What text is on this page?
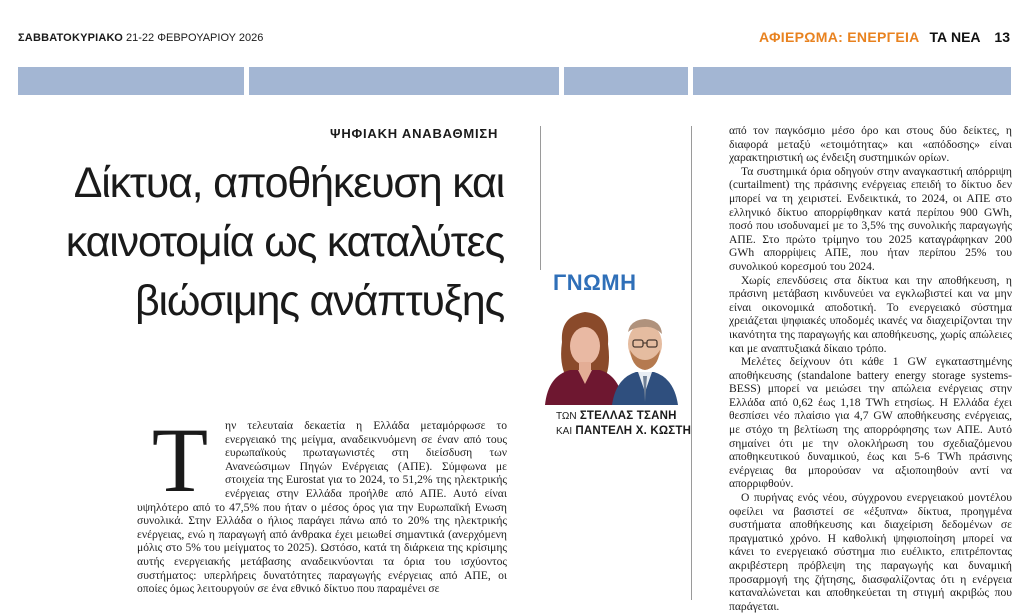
ΣΑΒΒΑΤΟΚΥΡΙΑΚΟ 21-22 ΦΕΒΡΟΥΑΡΙΟΥ 2026	ΑΦΙΕΡΩΜΑ: ΕΝΕΡΓΕΙΑ ΤΑ ΝΕΑ 13
ΨΗΦΙΑΚΗ ΑΝΑΒΑΘΜΙΣΗ
Δίκτυα, αποθήκευση και καινοτομία ως καταλύτες βιώσιμης ανάπτυξης
Τ	ην τελευταία δεκαετία η Ελλάδα μεταμόρφωσε το ενεργειακό της μείγμα, αναδεικνυόμενη σε έναν από τους ευρωπαϊκούς πρωταγωνιστές στη διείσδυση των Ανανεώσιμων Πηγών Ενέργειας (ΑΠΕ). Σύμφωνα με στοιχεία της Eurostat για το 2024, το 51,2% της ηλεκτρικής ενέργειας στην Ελλάδα προήλθε από ΑΠΕ. Αυτό είναι υψηλότερο από το 47,5% που ήταν ο μέσος όρος για την Ευρωπαϊκή Ενωση συνολικά. Στην Ελλάδα ο ήλιος παράγει πάνω από το 20% της ηλεκτρικής ενέργειας, ενώ η παραγωγή από άνθρακα έχει μειωθεί σημαντικά (ανερχόμενη μόλις στο 5% του μείγματος το 2025). Ωστόσο, κατά τη διάρκεια της κρίσιμης αυτής ενεργειακής μετάβασης αναδεικνύονται τα όρια του ισχύοντος συστήματος: υπερλήρεις δυνατότητες παραγωγής ενέργειας από ΑΠΕ, οι οποίες όμως λειτουργούν σε ένα εθνικό δίκτυο που παραμένει σε

ΓΝΩΜΗ
ΤΩΝ ΣΤΕΛΛΑΣ ΤΣΑΝΗ
ΚΑΙ ΠΑΝΤΕΛΗ Χ. ΚΩΣΤΗ

από τον παγκόσμιο μέσο όρο και στους δύο δείκτες, η διαφορά μεταξύ «ετοιμότητας» και «απόδοσης» είναι χαρακτηριστική ως ένδειξη συστημικών ορίων.

Τα συστημικά όρια οδηγούν στην αναγκαστική απόρριψη (curtailment) της πράσινης ενέργειας επειδή το δίκτυο δεν μπορεί να τη χειριστεί. Ενδεικτικά, το 2024, οι ΑΠΕ στο ελληνικό δίκτυο απορρίφθηκαν κατά περίπου 900 GWh, ποσό που ισοδυναμεί με το 3,5% της συνολικής παραγωγής ΑΠΕ. Στο πρώτο τρίμηνο του 2025 καταγράφηκαν 200 GWh απορρίψεις ΑΠΕ, που ήταν περίπου 25% του συνολικού κορεσμού του 2024.

Χωρίς επενδύσεις στα δίκτυα και την αποθήκευση, η πράσινη μετάβαση κινδυνεύει να εγκλωβιστεί και να μην είναι οικονομικά αποδοτική. Το ενεργειακό σύστημα χρειάζεται ψηφιακές υποδομές ικανές να διαχειρίζονται την ικανότητα της παραγωγής και αποθήκευσης, χωρίς απώλειες και με αναπτυξιακά δίκαιο τρόπο.

Μελέτες δείχνουν ότι κάθε 1 GW εγκαταστημένης αποθήκευσης (standalone battery energy storage systems-BESS) μπορεί να μειώσει την απώλεια ενέργειας στην Ελλάδα από 0,62 έως 1,18 TWh ετησίως. Η Ελλάδα έχει θεσπίσει νέο πλαίσιο για 4,7 GW αποθήκευσης ενέργειας, με στόχο τη βελτίωση της απορρόφησης των ΑΠΕ. Αυτό σημαίνει ότι με την ολοκλήρωση του σχεδιαζόμενου αποθηκευτικού δυναμικού, έως και 5-6 TWh πράσινης ενέργειας θα μπορούσαν να αξιοποιηθούν αντί να απορριφθούν.

Ο πυρήνας ενός νέου, σύγχρονου ενεργειακού μοντέλου οφείλει να βασιστεί σε «έξυπνα» δίκτυα, προηγμένα συστήματα αποθήκευσης και διαχείριση δεδομένων σε πραγματικό χρόνο. Η καθολική ψηφιοποίηση μπορεί να κάνει το ενεργειακό σύστημα πιο ευέλικτο, επιτρέποντας ακριβέστερη πρόβλεψη της παραγωγής και δυναμική προσαρμογή της ζήτησης, διασφαλίζοντας ότι η ενέργεια καταναλώνεται και αποθηκεύεται τη στιγμή ακριβώς που παράγεται.
